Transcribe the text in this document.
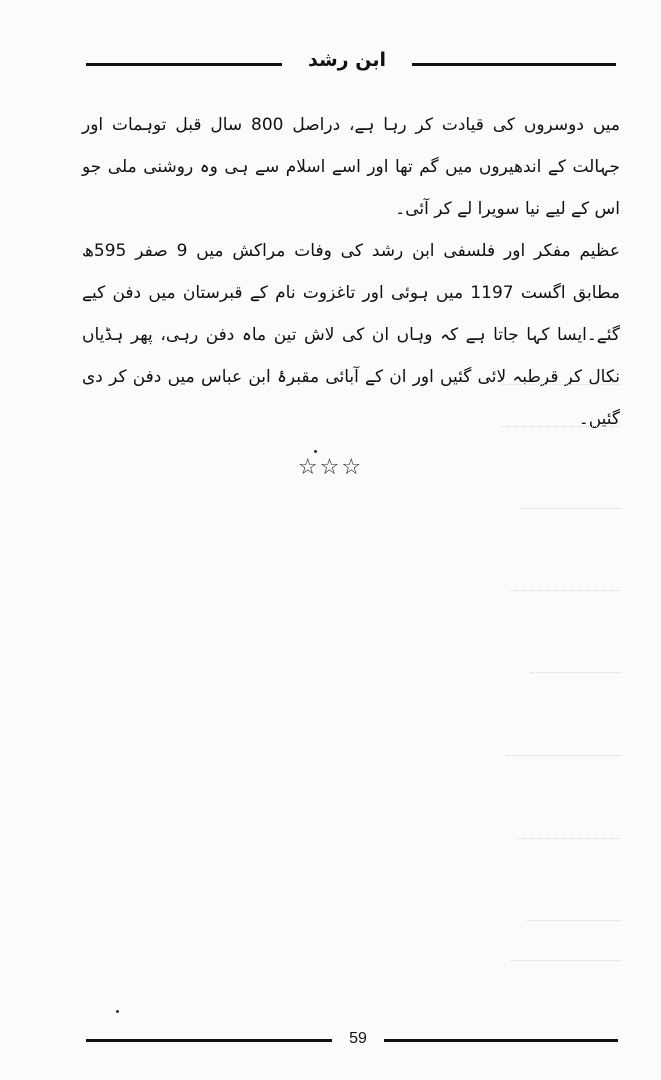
ابن رشد

میں دوسروں کی قیادت کر رہا ہے، دراصل 800 سال قبل توہمات اور جہالت کے اندھیروں میں گم تھا اور اسے اسلام سے ہی وہ روشنی ملی جو اس کے لیے نیا سویرا لے کر آئی۔

عظیم مفکر اور فلسفی ابن رشد کی وفات مراکش میں 9 صفر 595ھ مطابق اگست 1197 میں ہوئی اور تاغزوت نام کے قبرستان میں دفن کیے گئے۔ایسا کہا جاتا ہے کہ وہاں ان کی لاش تین ماہ دفن رہی، پھر ہڈیاں نکال کر قرطبہ لائی گئیں اور ان کے آبائی مقبرۂ ابن عباس میں دفن کر دی گئیں۔

☆☆☆
59
